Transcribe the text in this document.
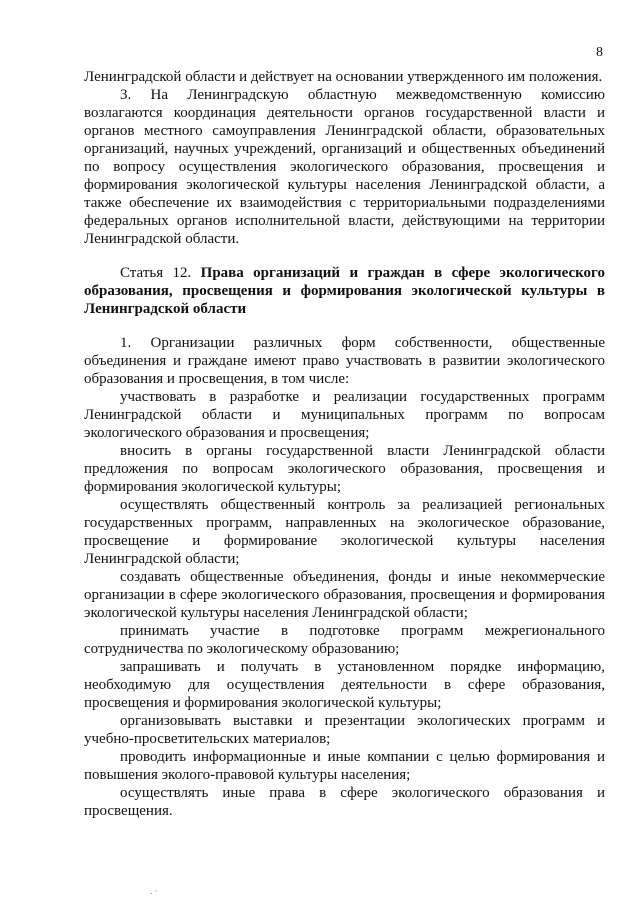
8

Ленинградской области и действует на основании утвержденного им положения.

3. На Ленинградскую областную межведомственную комиссию возлагаются координация деятельности органов государственной власти и органов местного самоуправления Ленинградской области, образовательных организаций, научных учреждений, организаций и общественных объединений по вопросу осуществления экологического образования, просвещения и формирования экологической культуры населения Ленинградской области, а также обеспечение их взаимодействия с территориальными подразделениями федеральных органов исполнительной власти, действующими на территории Ленинградской области.

Статья 12. Права организаций и граждан в сфере экологического образования, просвещения и формирования экологической культуры в Ленинградской области

1. Организации различных форм собственности, общественные объединения и граждане имеют право участвовать в развитии экологического образования и просвещения, в том числе:

участвовать в разработке и реализации государственных программ Ленинградской области и муниципальных программ по вопросам экологического образования и просвещения;

вносить в органы государственной власти Ленинградской области предложения по вопросам экологического образования, просвещения и формирования экологической культуры;

осуществлять общественный контроль за реализацией региональных государственных программ, направленных на экологическое образование, просвещение и формирование экологической культуры населения Ленинградской области;

создавать общественные объединения, фонды и иные некоммерческие организации в сфере экологического образования, просвещения и формирования экологической культуры населения Ленинградской области;

принимать участие в подготовке программ межрегионального сотрудничества по экологическому образованию;

запрашивать и получать в установленном порядке информацию, необходимую для осуществления деятельности в сфере образования, просвещения и формирования экологической культуры;

организовывать выставки и презентации экологических программ и учебно-просветительских материалов;

проводить информационные и иные компании с целью формирования и повышения эколого-правовой культуры населения;

осуществлять иные права в сфере экологического образования и просвещения.

. ·
